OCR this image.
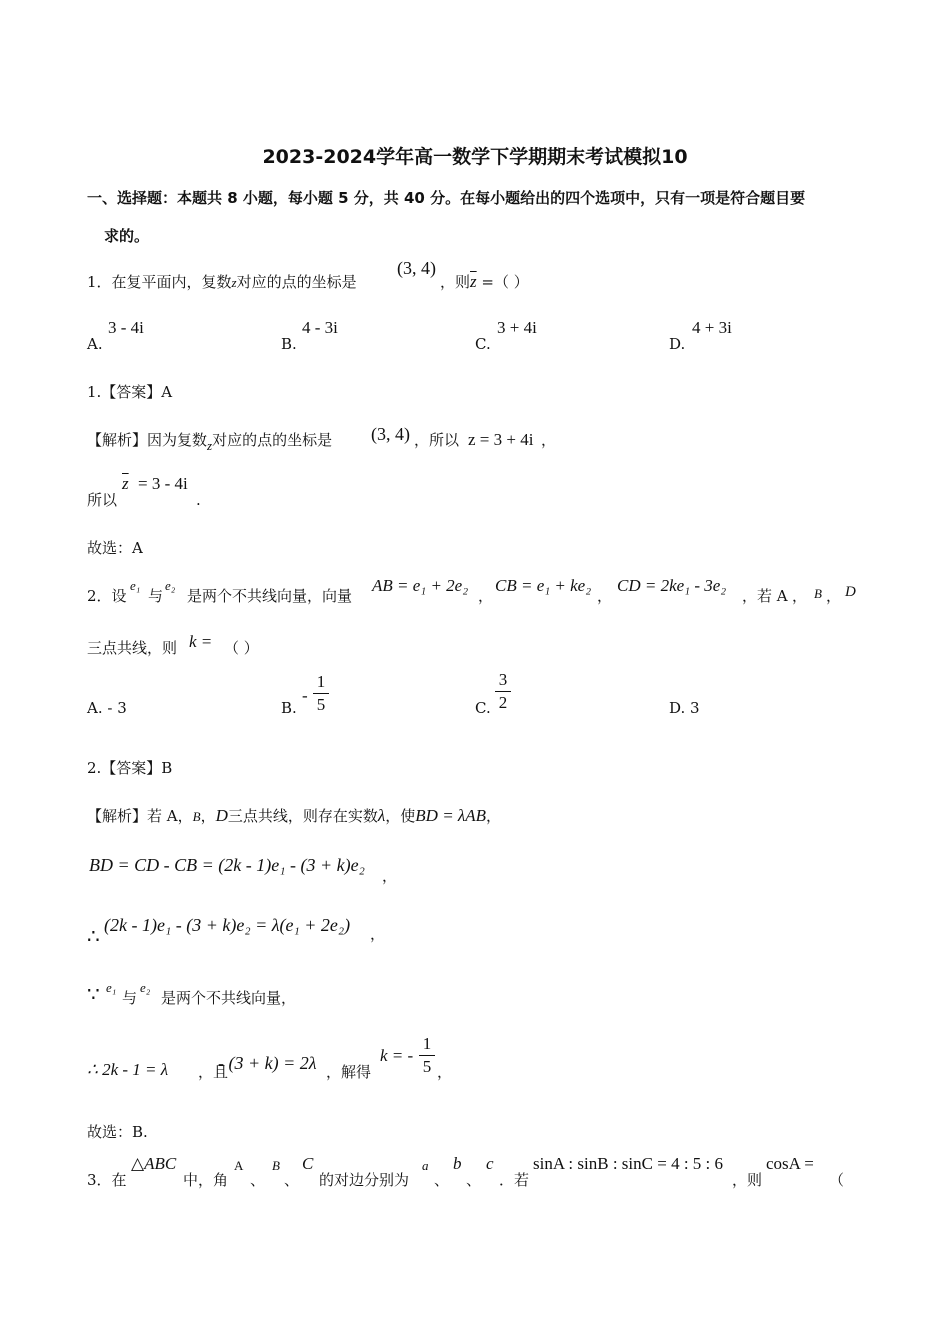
2023-2024学年高一数学下学期期末考试模拟10
一、选择题：本题共 8 小题，每小题 5 分，共 40 分。在每小题给出的四个选项中，只有一项是符合题目要
求的。
1．在复平面内，复数z对应的点的坐标是
(3, 4)
，则$\overline{z}$ =（ ）
A.
3 - 4i
B.
4 - 3i
C.
3 + 4i
D.
4 + 3i
1.【答案】A
【解析】因为复数z对应的点的坐标是 (3, 4) ，所以 z = 3 + 4i ，
所以
$\overline{z} = 3 - 4i$
.
故选：A
2．设
e₁
与
e₂
是两个不共线向量，向量
AB = e₁ + 2e₂
，
CB = e₁ + ke₂
，
CD = 2ke₁ - 3e₂
，若 A ， B ， D
三点共线，则 k = （ ）
A. - 3	B.
-
1
5	C.
3
2	D. 3
2.【答案】B
【解析】若 A，B，D三点共线，则存在实数λ，使BD = λAB，
BD = CD - CB = (2k - 1)e₁ - (3 + k)e₂
，
∴
(2k - 1)e₁ - (3 + k)e₂ = λ(e₁ + 2e₂) ，
∵ e₁
与
e₂
是两个不共线向量，
∴ 2k - 1 = λ ，且
- (3 + k) = 2λ ，解得
k = -
1
5 ，
故选：B.
3．在
△ABC
中，角
A
、
B
、
C
的对边分别为
a
、
b
、
c
．若
sinA : sinB : sinC = 4 : 5 : 6
，则
cosA =
（
